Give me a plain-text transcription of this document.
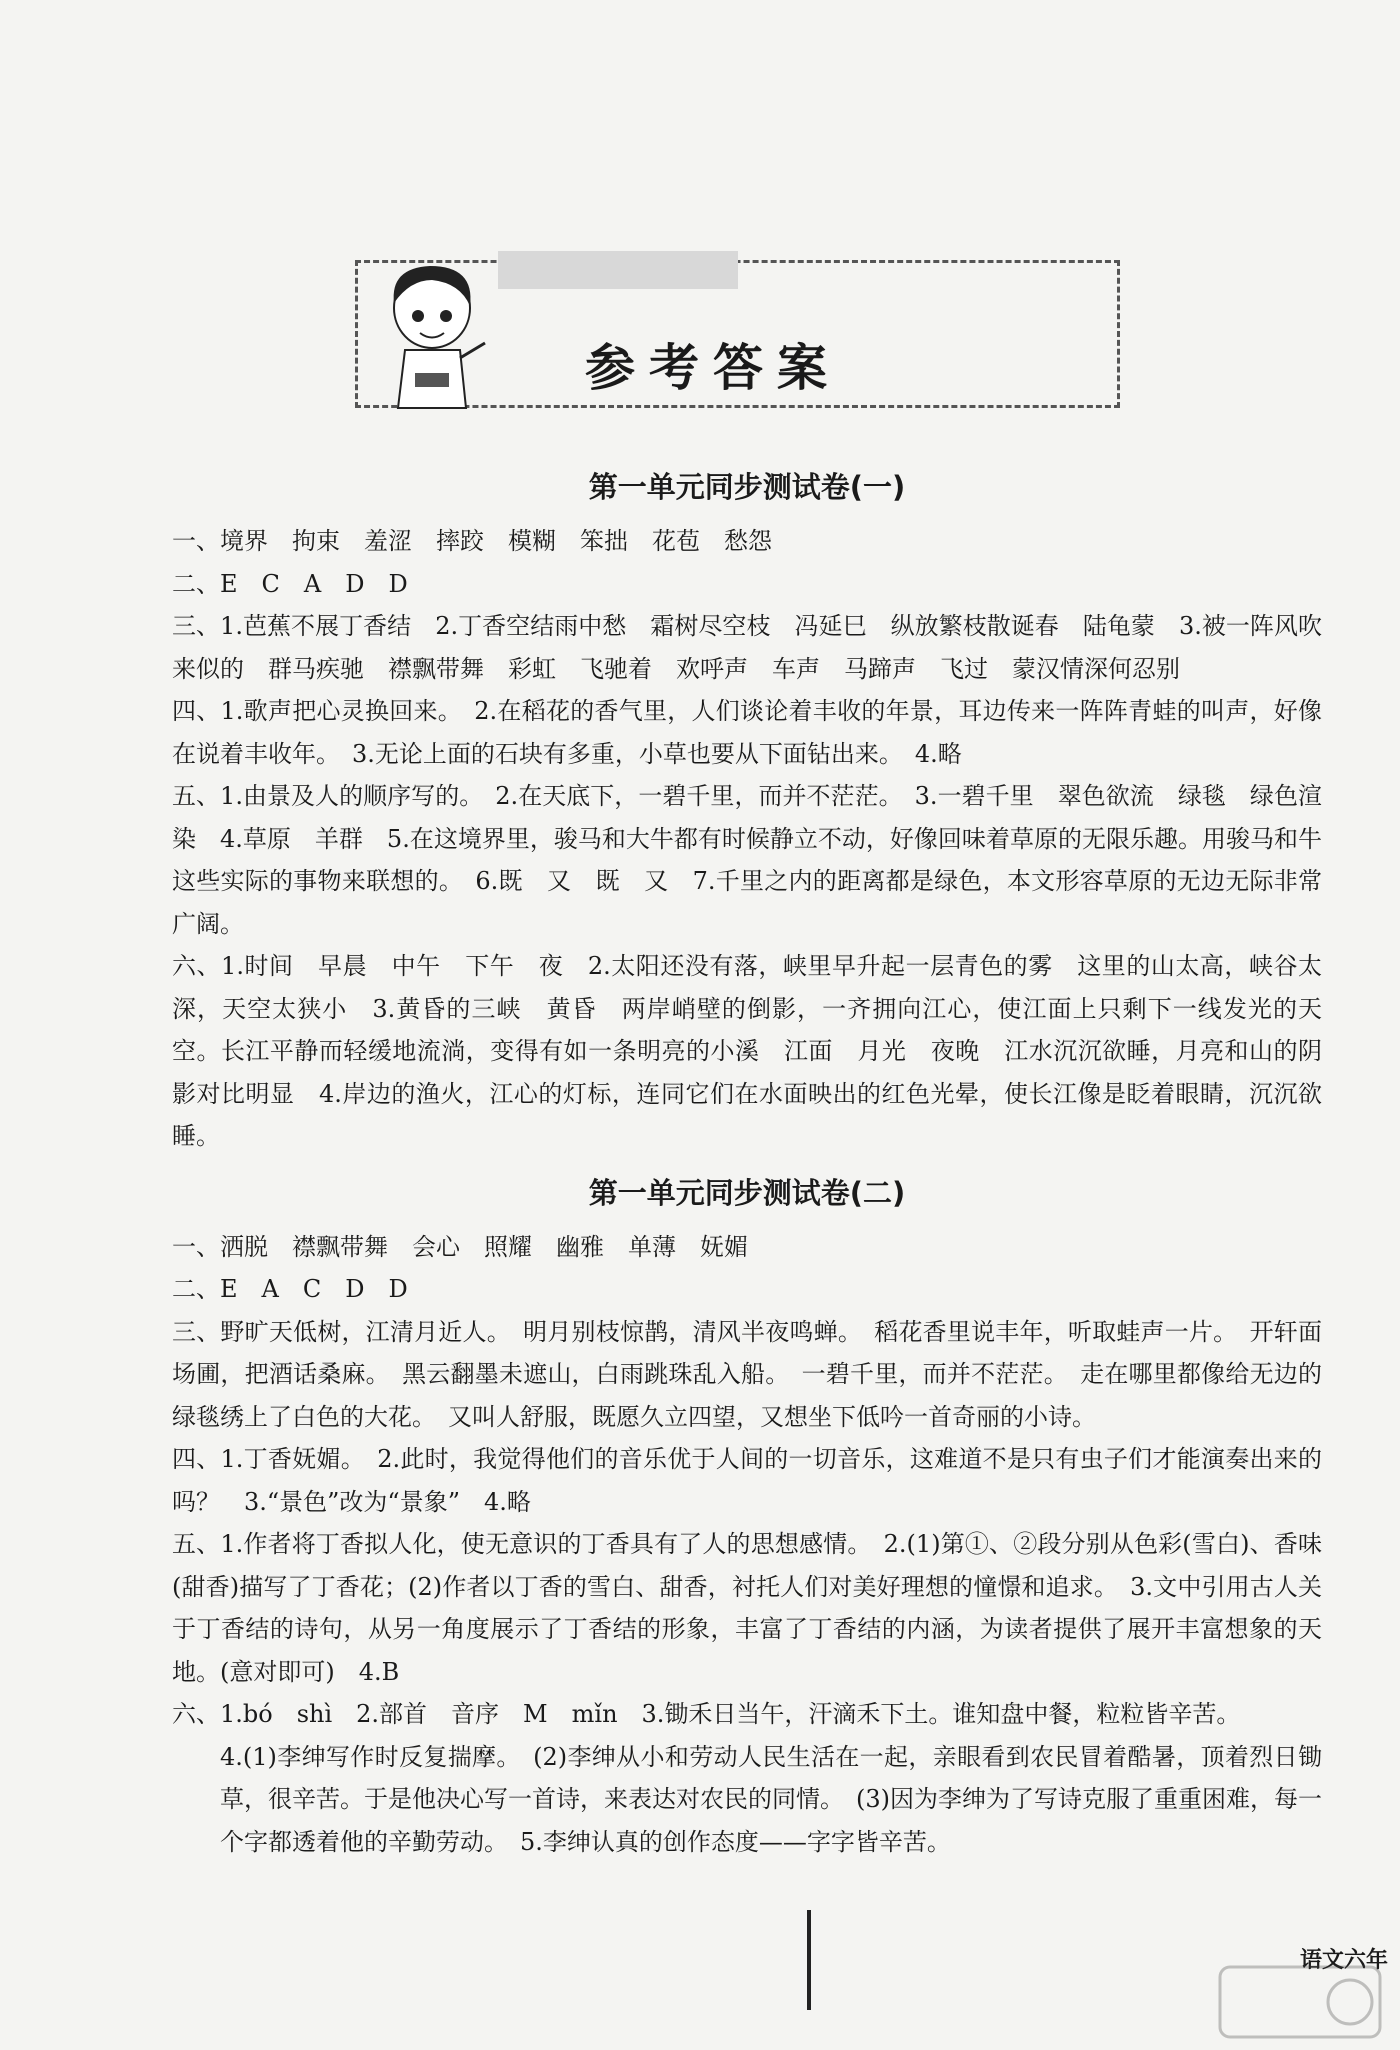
参考答案
第一单元同步测试卷(一)

一、境界　拘束　羞涩　摔跤　模糊　笨拙　花苞　愁怨

二、E　C　A　D　D

三、1.芭蕉不展丁香结　2.丁香空结雨中愁　霜树尽空枝　冯延巳　纵放繁枝散诞春　陆龟蒙　3.被一阵风吹来似的　群马疾驰　襟飘带舞　彩虹　飞驰着　欢呼声　车声　马蹄声　飞过　蒙汉情深何忍别

四、1.歌声把心灵换回来。　2.在稻花的香气里，人们谈论着丰收的年景，耳边传来一阵阵青蛙的叫声，好像在说着丰收年。　3.无论上面的石块有多重，小草也要从下面钻出来。　4.略

五、1.由景及人的顺序写的。　2.在天底下，一碧千里，而并不茫茫。　3.一碧千里　翠色欲流　绿毯　绿色渲染　4.草原　羊群　5.在这境界里，骏马和大牛都有时候静立不动，好像回味着草原的无限乐趣。用骏马和牛这些实际的事物来联想的。　6.既　又　既　又　7.千里之内的距离都是绿色，本文形容草原的无边无际非常广阔。

六、1.时间　早晨　中午　下午　夜　2.太阳还没有落，峡里早升起一层青色的雾　这里的山太高，峡谷太深，天空太狭小　3.黄昏的三峡　黄昏　两岸峭壁的倒影，一齐拥向江心，使江面上只剩下一线发光的天空。长江平静而轻缓地流淌，变得有如一条明亮的小溪　江面　月光　夜晚　江水沉沉欲睡，月亮和山的阴影对比明显　4.岸边的渔火，江心的灯标，连同它们在水面映出的红色光晕，使长江像是眨着眼睛，沉沉欲睡。

第一单元同步测试卷(二)

一、洒脱　襟飘带舞　会心　照耀　幽雅　单薄　妩媚

二、E　A　C　D　D

三、野旷天低树，江清月近人。　明月别枝惊鹊，清风半夜鸣蝉。　稻花香里说丰年，听取蛙声一片。　开轩面场圃，把酒话桑麻。　黑云翻墨未遮山，白雨跳珠乱入船。　一碧千里，而并不茫茫。　走在哪里都像给无边的绿毯绣上了白色的大花。　又叫人舒服，既愿久立四望，又想坐下低吟一首奇丽的小诗。

四、1.丁香妩媚。　2.此时，我觉得他们的音乐优于人间的一切音乐，这难道不是只有虫子们才能演奏出来的吗？　3.“景色”改为“景象”　4.略

五、1.作者将丁香拟人化，使无意识的丁香具有了人的思想感情。　2.(1)第①、②段分别从色彩(雪白)、香味(甜香)描写了丁香花；(2)作者以丁香的雪白、甜香，衬托人们对美好理想的憧憬和追求。　3.文中引用古人关于丁香结的诗句，从另一角度展示了丁香结的形象，丰富了丁香结的内涵，为读者提供了展开丰富想象的天地。(意对即可)　4.B

六、1.bó　shì　2.部首　音序　M　mǐn　3.锄禾日当午，汗滴禾下土。谁知盘中餐，粒粒皆辛苦。

4.(1)李绅写作时反复揣摩。　(2)李绅从小和劳动人民生活在一起，亲眼看到农民冒着酷暑，顶着烈日锄草，很辛苦。于是他决心写一首诗，来表达对农民的同情。　(3)因为李绅为了写诗克服了重重困难，每一个字都透着他的辛勤劳动。　5.李绅认真的创作态度——字字皆辛苦。

语文六年
